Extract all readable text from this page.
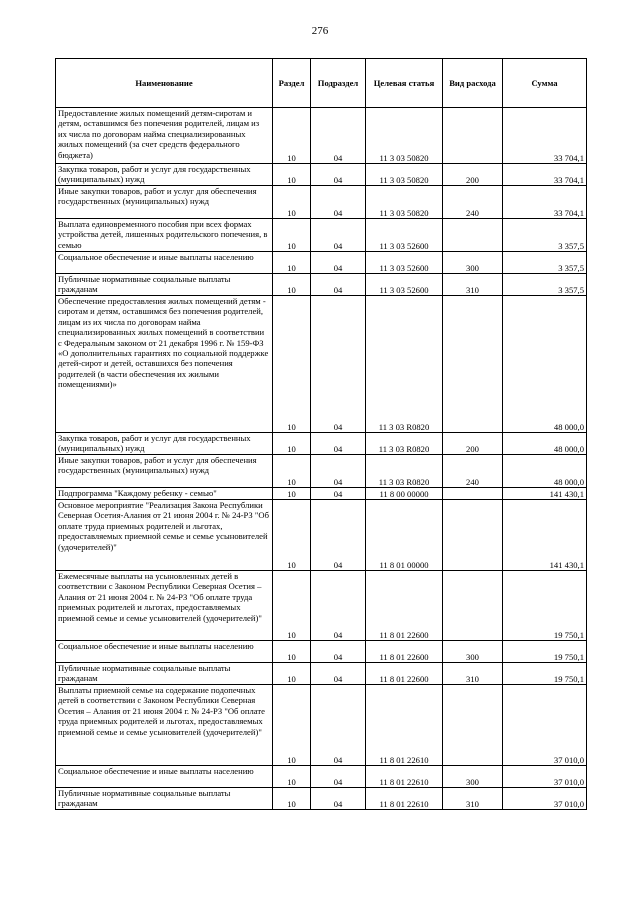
276
Наименование	Раздел	Подраздел	Целевая статья	Вид расхода	Сумма
Предоставление жилых помещений детям-сиротам и детям, оставшимся без попечения родителей, лицам из их числа по договорам найма специализированных жилых помещений (за счет средств федерального бюджета)	10	04	11 3 03 50820		33 704,1
Закупка товаров, работ и услуг для государственных (муниципальных) нужд	10	04	11 3 03 50820	200	33 704,1
Иные закупки товаров, работ и услуг для обеспечения государственных (муниципальных) нужд	10	04	11 3 03 50820	240	33 704,1
Выплата единовременного пособия при всех формах устройства детей, лишенных родительского попечения, в семью	10	04	11 3 03 52600		3 357,5
Социальное обеспечение и иные выплаты населению	10	04	11 3 03 52600	300	3 357,5
Публичные нормативные социальные выплаты гражданам	10	04	11 3 03 52600	310	3 357,5
Обеспечение предоставления жилых помещений детям - сиротам и детям, оставшимся без попечения родителей, лицам из их числа по договорам найма специализированных жилых помещений в соответствии с Федеральным законом от 21 декабря 1996 г. № 159-ФЗ «О дополнительных гарантиях по социальной поддержке детей-сирот и детей, оставшихся без попечения родителей (в части обеспечения их жилыми помещениями)»	10	04	11 3 03 R0820		48 000,0
Закупка товаров, работ и услуг для государственных (муниципальных) нужд	10	04	11 3 03 R0820	200	48 000,0
Иные закупки товаров, работ и услуг для обеспечения государственных (муниципальных) нужд	10	04	11 3 03 R0820	240	48 000,0
Подпрограмма "Каждому ребенку - семью"	10	04	11 8 00 00000		141 430,1
Основное мероприятие "Реализация Закона Республики Северная Осетия-Алания от 21 июня 2004 г. № 24-РЗ "Об оплате труда приемных родителей и льготах, предоставляемых приемной семье и семье усыновителей (удочерителей)"	10	04	11 8 01 00000		141 430,1
Ежемесячные выплаты на усыновленных детей в соответствии с Законом Республики Северная Осетия – Алания от 21 июня 2004 г. № 24-РЗ "Об оплате труда приемных родителей и льготах, предоставляемых приемной семье и семье усыновителей (удочерителей)"	10	04	11 8 01 22600		19 750,1
Социальное обеспечение и иные выплаты населению	10	04	11 8 01 22600	300	19 750,1
Публичные нормативные социальные выплаты гражданам	10	04	11 8 01 22600	310	19 750,1
Выплаты приемной семье на содержание подопечных детей в соответствии с Законом Республики Северная Осетия – Алания от 21 июня 2004 г. № 24-РЗ "Об оплате труда приемных родителей и льготах, предоставляемых приемной семье и семье усыновителей (удочерителей)"	10	04	11 8 01 22610		37 010,0
Социальное обеспечение и иные выплаты населению	10	04	11 8 01 22610	300	37 010,0
Публичные нормативные социальные выплаты гражданам	10	04	11 8 01 22610	310	37 010,0
